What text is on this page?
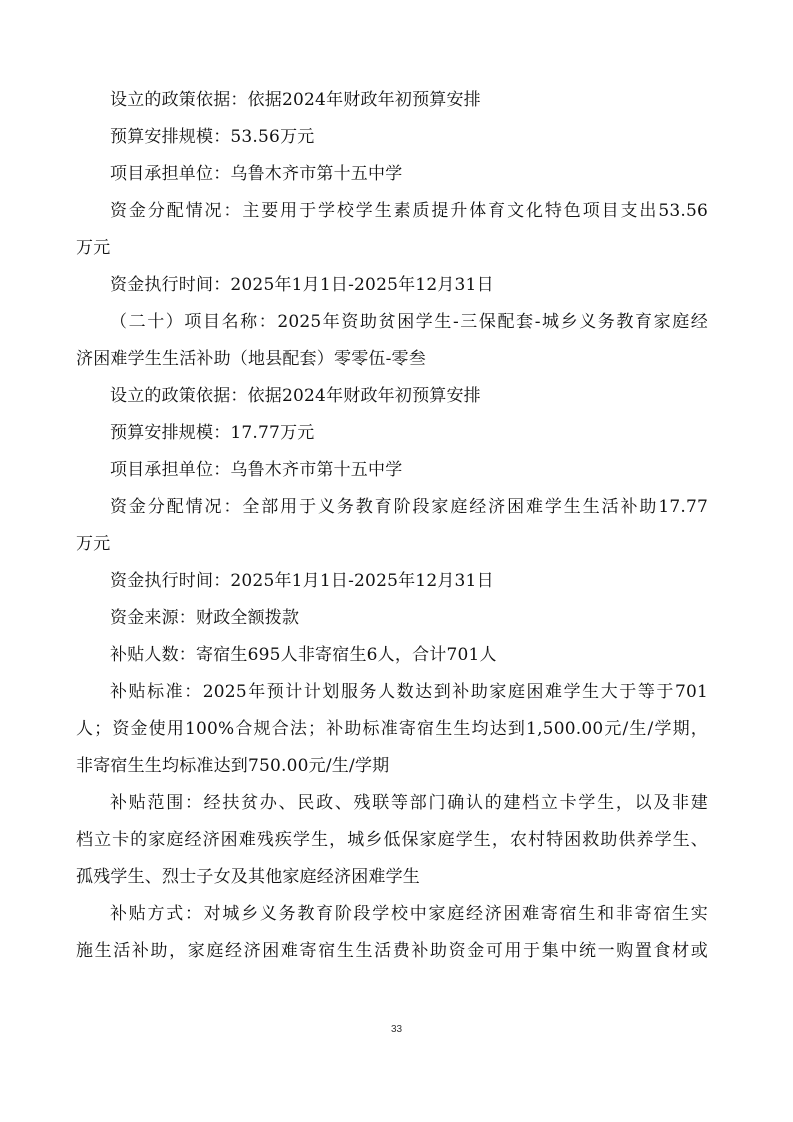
设立的政策依据：依据2024年财政年初预算安排
预算安排规模：53.56万元
项目承担单位：乌鲁木齐市第十五中学
资金分配情况：主要用于学校学生素质提升体育文化特色项目支出53.56
万元
资金执行时间：2025年1月1日-2025年12月31日
（二十）项目名称：2025年资助贫困学生-三保配套-城乡义务教育家庭经
济困难学生生活补助（地县配套）零零伍-零叁
设立的政策依据：依据2024年财政年初预算安排
预算安排规模：17.77万元
项目承担单位：乌鲁木齐市第十五中学
资金分配情况：全部用于义务教育阶段家庭经济困难学生生活补助17.77
万元
资金执行时间：2025年1月1日-2025年12月31日
资金来源：财政全额拨款
补贴人数：寄宿生695人非寄宿生6人，合计701人
补贴标准：2025年预计计划服务人数达到补助家庭困难学生大于等于701
人；资金使用100%合规合法；补助标准寄宿生生均达到1,500.00元/生/学期，
非寄宿生生均标准达到750.00元/生/学期
补贴范围：经扶贫办、民政、残联等部门确认的建档立卡学生，以及非建
档立卡的家庭经济困难残疾学生，城乡低保家庭学生，农村特困救助供养学生、
孤残学生、烈士子女及其他家庭经济困难学生
补贴方式：对城乡义务教育阶段学校中家庭经济困难寄宿生和非寄宿生实
施生活补助，家庭经济困难寄宿生生活费补助资金可用于集中统一购置食材或
33
